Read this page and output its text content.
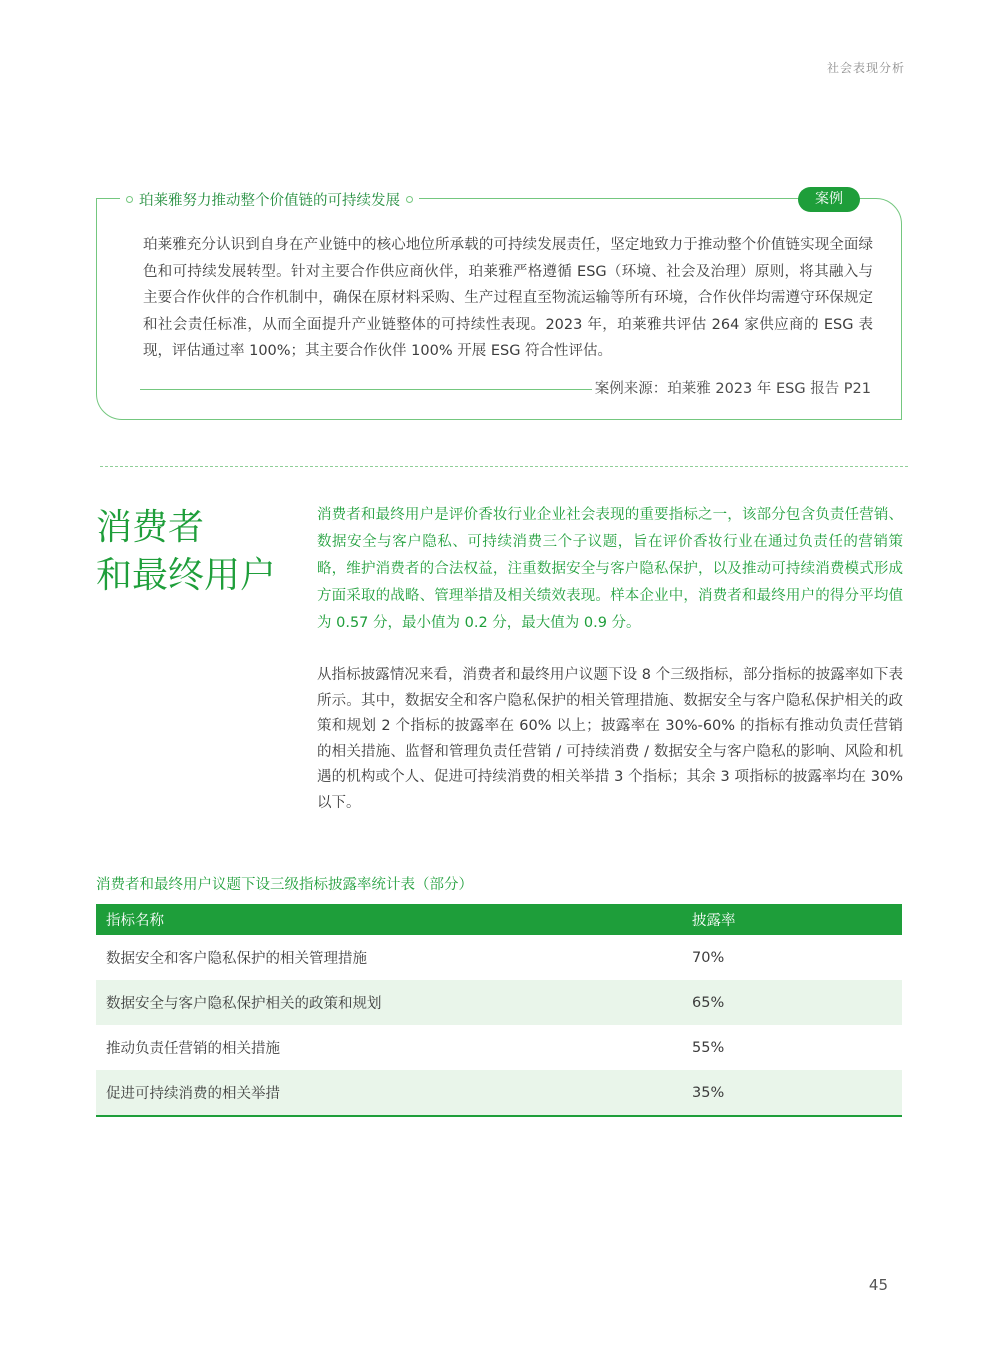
社会表现分析
珀莱雅努力推动整个价值链的可持续发展	案例
珀莱雅充分认识到自身在产业链中的核心地位所承载的可持续发展责任，坚定地致力于推动整个价值链实现全面绿色和可持续发展转型。针对主要合作供应商伙伴，珀莱雅严格遵循 ESG（环境、社会及治理）原则，将其融入与主要合作伙伴的合作机制中，确保在原材料采购、生产过程直至物流运输等所有环境，合作伙伴均需遵守环保规定和社会责任标准，从而全面提升产业链整体的可持续性表现。2023 年，珀莱雅共评估 264 家供应商的 ESG 表现，评估通过率 100%；其主要合作伙伴 100% 开展 ESG 符合性评估。
案例来源：珀莱雅 2023 年 ESG 报告 P21
消费者
和最终用户
消费者和最终用户是评价香妆行业企业社会表现的重要指标之一，该部分包含负责任营销、数据安全与客户隐私、可持续消费三个子议题，旨在评价香妆行业在通过负责任的营销策略，维护消费者的合法权益，注重数据安全与客户隐私保护，以及推动可持续消费模式形成方面采取的战略、管理举措及相关绩效表现。样本企业中，消费者和最终用户的得分平均值为 0.57 分，最小值为 0.2 分，最大值为 0.9 分。
从指标披露情况来看，消费者和最终用户议题下设 8 个三级指标，部分指标的披露率如下表所示。其中，数据安全和客户隐私保护的相关管理措施、数据安全与客户隐私保护相关的政策和规划 2 个指标的披露率在 60% 以上；披露率在 30%-60% 的指标有推动负责任营销的相关措施、监督和管理负责任营销 / 可持续消费 / 数据安全与客户隐私的影响、风险和机遇的机构或个人、促进可持续消费的相关举措 3 个指标；其余 3 项指标的披露率均在 30% 以下。
消费者和最终用户议题下设三级指标披露率统计表（部分）
指标名称	披露率
数据安全和客户隐私保护的相关管理措施	70%
数据安全与客户隐私保护相关的政策和规划	65%
推动负责任营销的相关措施	55%
促进可持续消费的相关举措	35%
45
